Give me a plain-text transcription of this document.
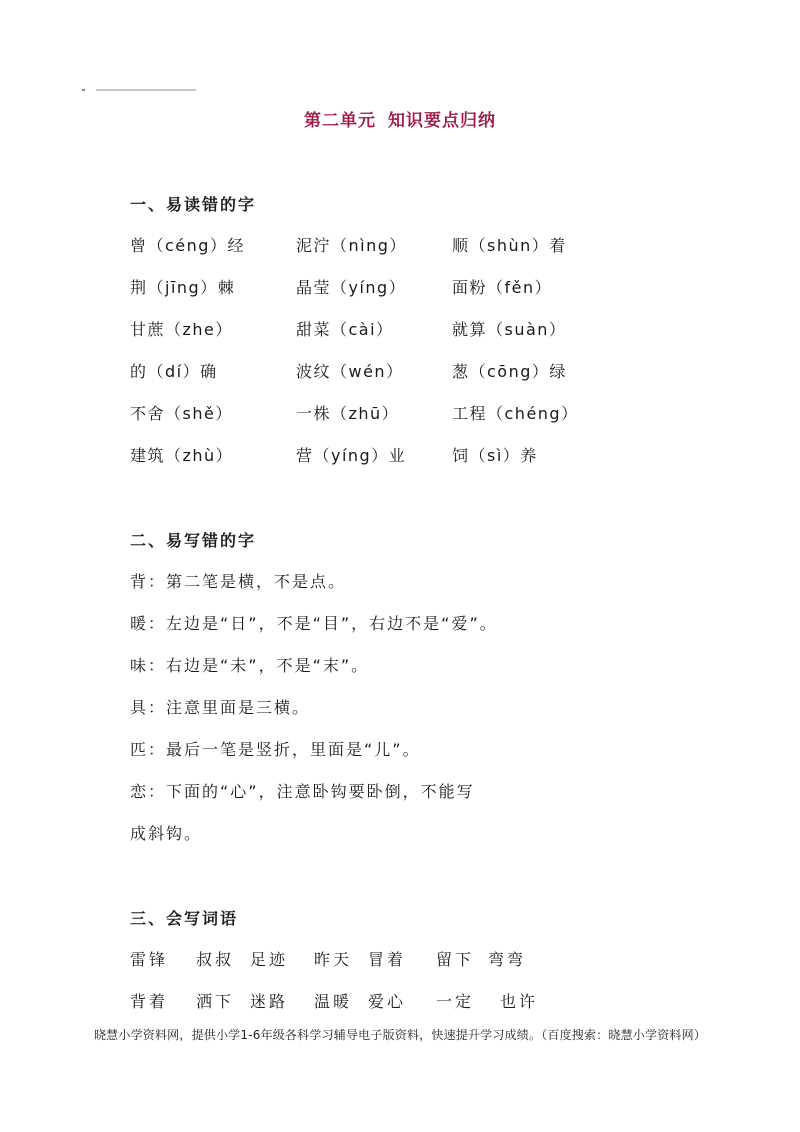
第二单元 知识要点归纳
一、易读错的字
曾（céng）经	泥泞（nìng）	顺（shùn）着
荆（jīng）棘	晶莹（yíng）	面粉（fěn）
甘蔗（zhe）	甜菜（cài）	就算（suàn）
的（dí）确	波纹（wén）	葱（cōng）绿
不舍（shě）	一株（zhū）	工程（chéng）
建筑（zhù）	营（yíng）业	饲（sì）养
二、易写错的字
背：第二笔是横，不是点。
暖：左边是“日”，不是“目”，右边不是“爱”。
味：右边是“未”，不是“末”。
具：注意里面是三横。
匹：最后一笔是竖折，里面是“儿”。
恋：下面的“心”，注意卧钩要卧倒，不能写
成斜钩。
三、会写词语
雷锋 叔叔 足迹 昨天 冒着 留下 弯弯
背着 洒下 迷路 温暖 爱心 一定 也许
晓慧小学资料网，提供小学1-6年级各科学习辅导电子版资料，快速提升学习成绩。（百度搜索：晓慧小学资料网）
